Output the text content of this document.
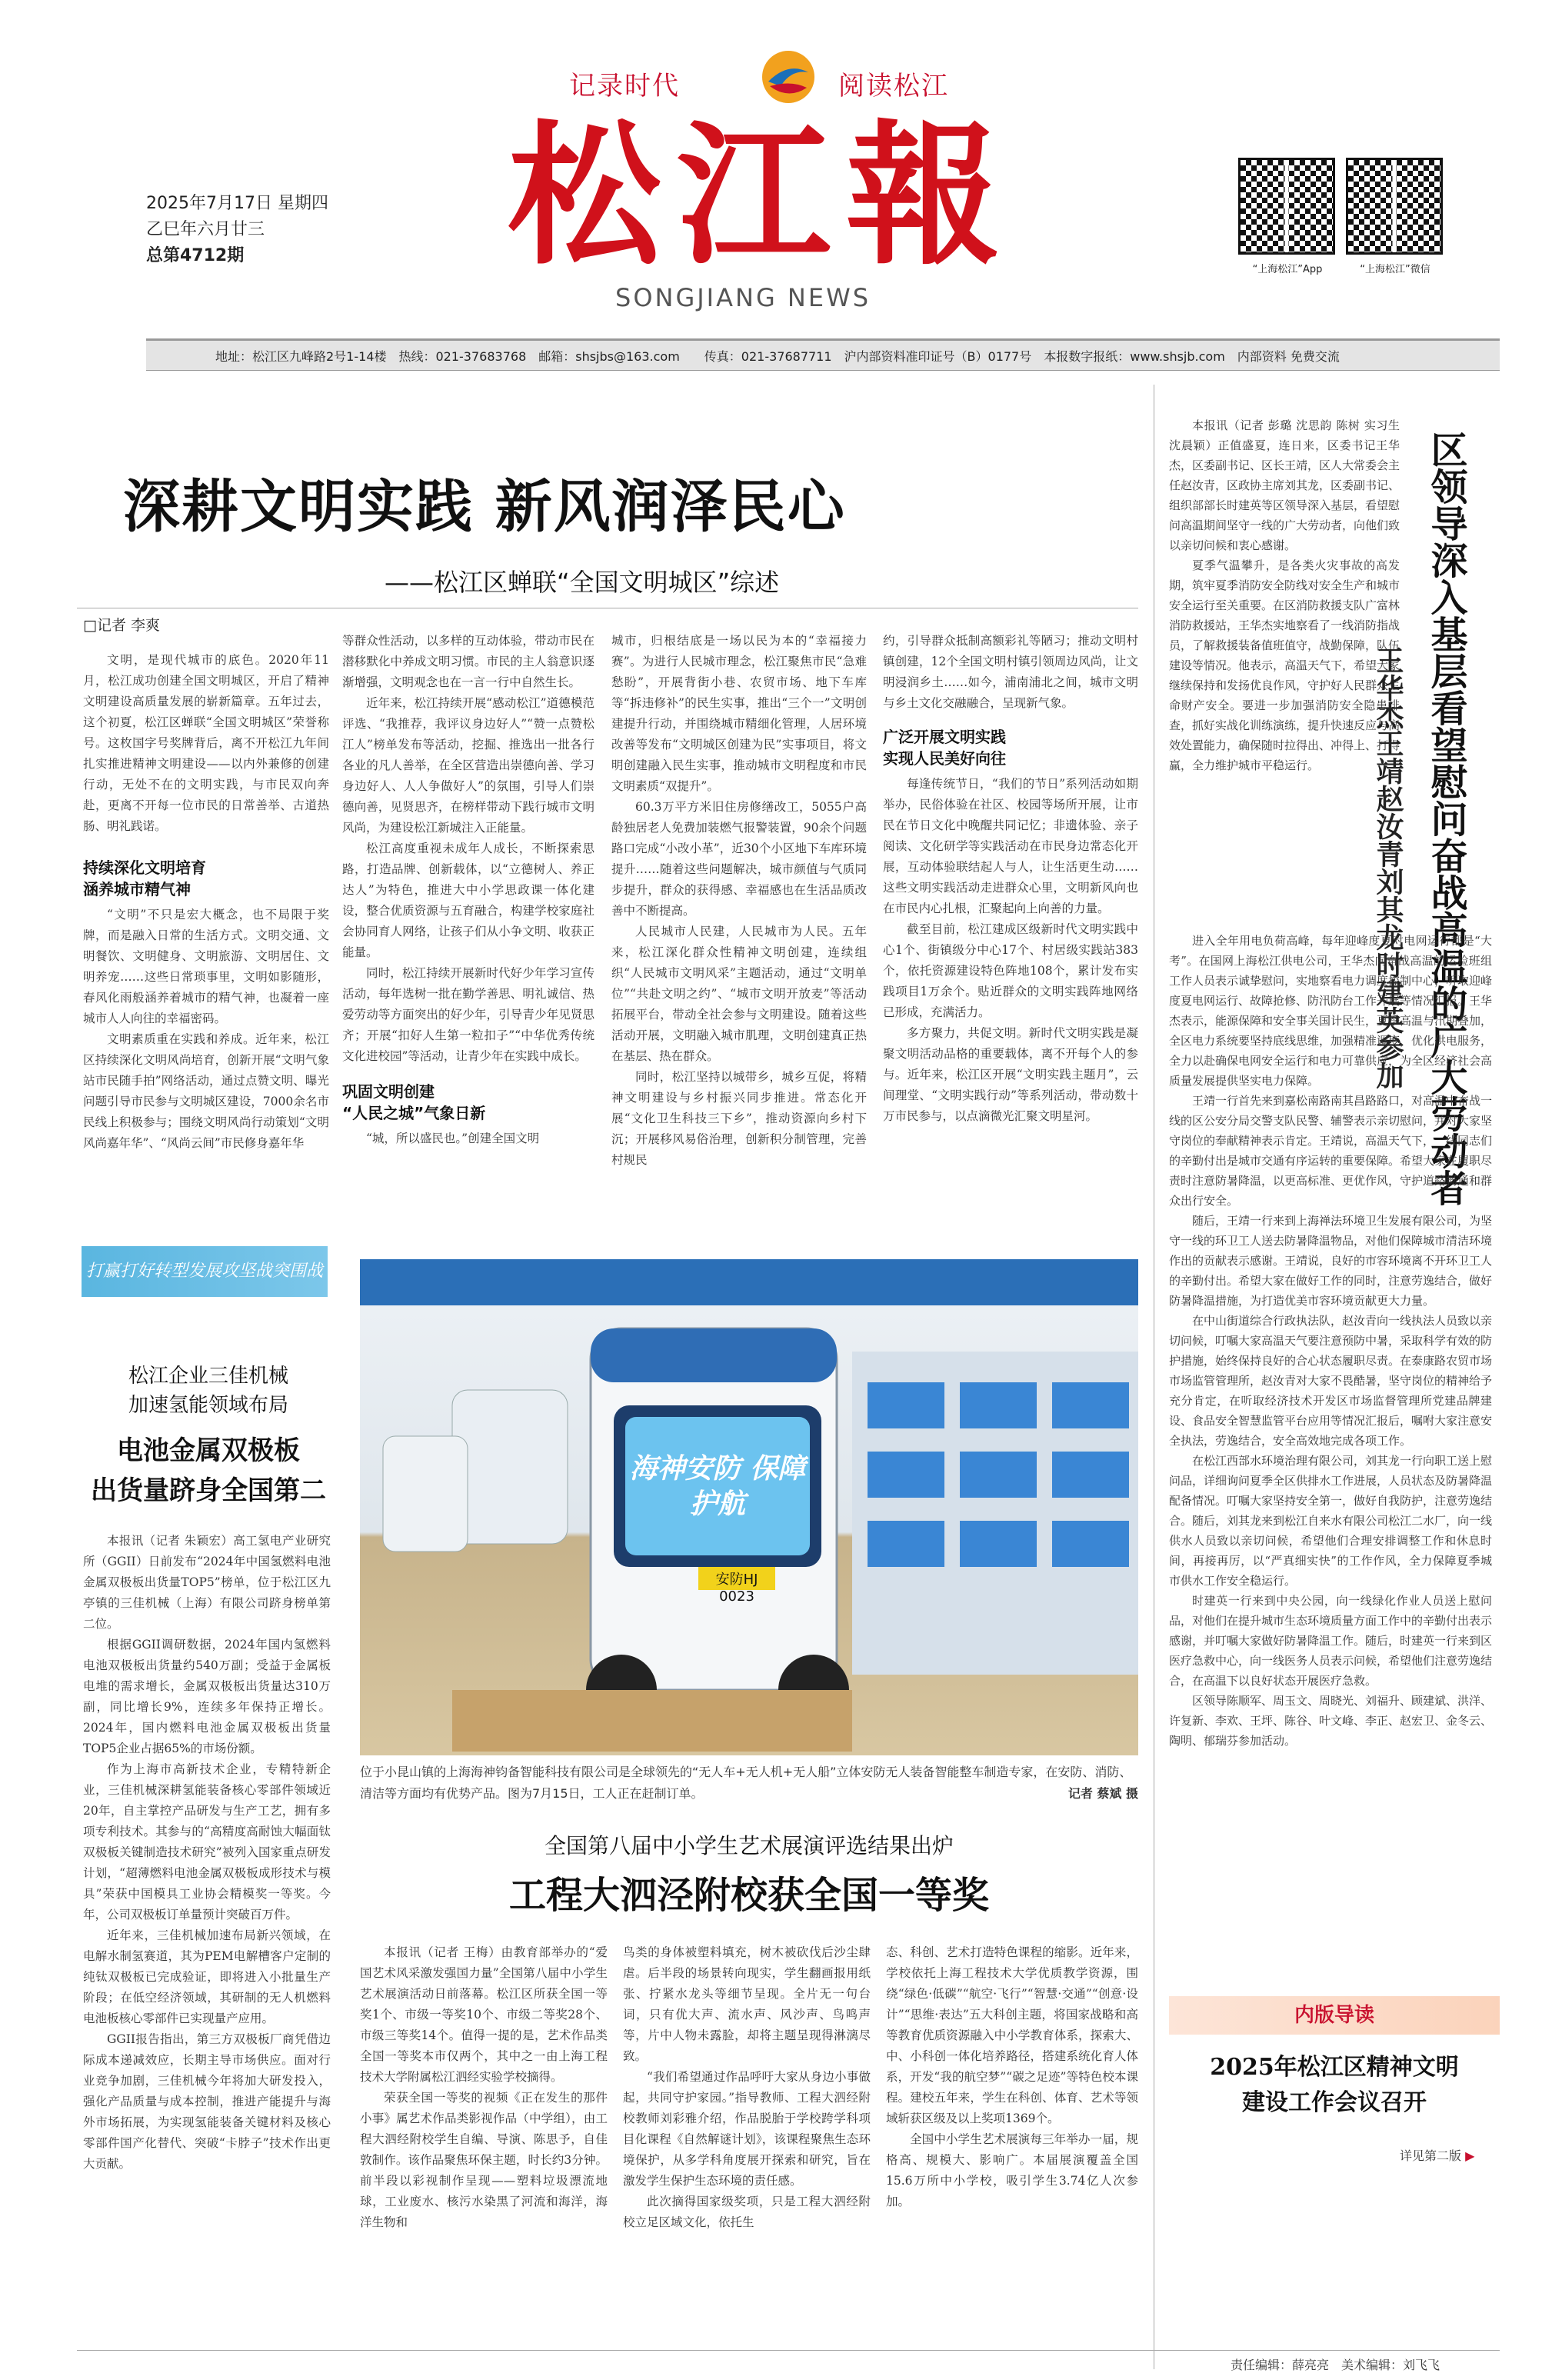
记录时代	阅读松江
松江報
SONGJIANG NEWS
2025年7月17日 星期四
乙巳年六月廿三
总第4712期
“上海松江”App	“上海松江”微信
地址：松江区九峰路2号1-14楼　热线：021-37683768　邮箱：shsjbs@163.com　　传真：021-37687711　沪内部资料准印证号（B）0177号　本报数字报纸：www.shsjb.com　内部资料 免费交流
深耕文明实践 新风润泽民心
——松江区蝉联“全国文明城区”综述
□记者 李爽

文明，是现代城市的底色。2020年11月，松江成功创建全国文明城区，开启了精神文明建设高质量发展的崭新篇章。五年过去，这个初夏，松江区蝉联“全国文明城区”荣誉称号。这枚国字号奖牌背后，离不开松江九年间扎实推进精神文明建设——以内外兼修的创建行动，无处不在的文明实践，与市民双向奔赴，更离不开每一位市民的日常善举、古道热肠、明礼践诺。

持续深化文明培育
涵养城市精气神

“文明”不只是宏大概念，也不局限于奖牌，而是融入日常的生活方式。文明交通、文明餐饮、文明健身、文明旅游、文明居住、文明养宠……这些日常琐事里，文明如影随形，春风化雨般涵养着城市的精气神，也凝着一座城市人人向往的幸福密码。

文明素质重在实践和养成。近年来，松江区持续深化文明风尚培育，创新开展“文明气象站市民随手拍”网络活动，通过点赞文明、曝光问题引导市民参与文明城区建设，7000余名市民线上积极参与；围绕文明风尚行动策划“文明风尚嘉年华”、“风尚云间”市民修身嘉年华

等群众性活动，以多样的互动体验，带动市民在潜移默化中养成文明习惯。市民的主人翁意识逐渐增强，文明观念也在一言一行中自然生长。

近年来，松江持续开展“感动松江”道德模范评选、“我推荐，我评议身边好人”“赞一点赞松江人”榜单发布等活动，挖掘、推选出一批各行各业的凡人善举，在全区营造出崇德向善、学习身边好人、人人争做好人”的氛围，引导人们崇德向善，见贤思齐，在榜样带动下践行城市文明风尚，为建设松江新城注入正能量。

松江高度重视未成年人成长，不断探索思路，打造品牌、创新载体，以“立德树人、养正达人”为特色，推进大中小学思政课一体化建设，整合优质资源与五育融合，构建学校家庭社会协同育人网络，让孩子们从小争文明、收获正能量。

同时，松江持续开展新时代好少年学习宣传活动，每年选树一批在勤学善思、明礼诚信、热爱劳动等方面突出的好少年，引导青少年见贤思齐；开展“扣好人生第一粒扣子”“中华优秀传统文化进校园”等活动，让青少年在实践中成长。

巩固文明创建
“人民之城”气象日新

“城，所以盛民也。”创建全国文明

城市，归根结底是一场以民为本的“幸福接力赛”。为进行人民城市理念，松江聚焦市民“急难愁盼”，开展背街小巷、农贸市场、地下车库等“拆违修补”的民生实事，推出“三个一”文明创建提升行动，并围绕城市精细化管理，人居环境改善等发布“文明城区创建为民”实事项目，将文明创建融入民生实事，推动城市文明程度和市民文明素质“双提升”。

60.3万平方米旧住房修缮改工，5055户高龄独居老人免费加装燃气报警装置，90余个问题路口完成“小改小革”，近30个小区地下车库环境提升……随着这些问题解决，城市颜值与气质同步提升，群众的获得感、幸福感也在生活品质改善中不断提高。

人民城市人民建，人民城市为人民。五年来，松江深化群众性精神文明创建，连续组织“人民城市文明风采”主题活动，通过“文明单位”“共赴文明之约”、“城市文明开放麦”等活动拓展平台，带动全社会参与文明建设。随着这些活动开展，文明融入城市肌理，文明创建真正热在基层、热在群众。

同时，松江坚持以城带乡，城乡互促，将精神文明建设与乡村振兴同步推进。常态化开展“文化卫生科技三下乡”，推动资源向乡村下沉；开展移风易俗治理，创新积分制管理，完善村规民

约，引导群众抵制高额彩礼等陋习；推动文明村镇创建，12个全国文明村镇引领周边风尚，让文明浸润乡土……如今，浦南浦北之间，城市文明与乡土文化交融融合，呈现新气象。

广泛开展文明实践
实现人民美好向往

每逢传统节日，“我们的节日”系列活动如期举办，民俗体验在社区、校园等场所开展，让市民在节日文化中晚醒共同记忆；非遗体验、亲子阅读、文化研学等实践活动在市民身边常态化开展，互动体验联结起人与人，让生活更生动……这些文明实践活动走进群众心里，文明新风向也在市民内心扎根，汇聚起向上向善的力量。

截至目前，松江建成区级新时代文明实践中心1个、街镇级分中心17个、村居级实践站383个，依托资源建设特色阵地108个，累计发布实践项目1万余个。贴近群众的文明实践阵地网络已形成，充满活力。

多方聚力，共促文明。新时代文明实践是凝聚文明活动品格的重要载体，离不开每个人的参与。近年来，松江区开展“文明实践主题月”，云间理堂、“文明实践行动”等系列活动，带动数十万市民参与，以点滴微光汇聚文明星河。

海神安防 保障护航
安防HJ 0023
位于小昆山镇的上海海神钧备智能科技有限公司是全球领先的“无人车+无人机+无人船”立体安防无人装备智能整车制造专家，在安防、消防、清洁等方面均有优势产品。图为7月15日，工人正在赶制订单。	记者 蔡斌 摄
打赢打好转型发展攻坚战突围战
松江企业三佳机械
加速氢能领域布局
电池金属双极板
出货量跻身全国第二

本报讯（记者 朱颖宏）高工氢电产业研究所（GGII）日前发布“2024年中国氢燃料电池金属双极板出货量TOP5”榜单，位于松江区九亭镇的三佳机械（上海）有限公司跻身榜单第二位。

根据GGII调研数据，2024年国内氢燃料电池双极板出货量约540万副；受益于金属板电堆的需求增长，金属双极板出货量达310万副，同比增长9%，连续多年保持正增长。2024年，国内燃料电池金属双极板出货量TOP5企业占据65%的市场份额。

作为上海市高新技术企业，专精特新企业，三佳机械深耕氢能装备核心零部件领域近20年，自主掌控产品研发与生产工艺，拥有多项专利技术。其参与的“高精度高耐蚀大幅面钛双极板关键制造技术研究”被列入国家重点研发计划，“超薄燃料电池金属双极板成形技术与模具”荣获中国模具工业协会精模奖一等奖。今年，公司双极板订单量预计突破百万件。

近年来，三佳机械加速布局新兴领域，在电解水制氢赛道，其为PEM电解槽客户定制的纯钛双极板已完成验证，即将进入小批量生产阶段；在低空经济领域，其研制的无人机燃料电池板核心零部件已实现量产应用。

GGII报告指出，第三方双极板厂商凭借边际成本递减效应，长期主导市场供应。面对行业竞争加剧，三佳机械今年将加大研发投入，强化产品质量与成本控制，推进产能提升与海外市场拓展，为实现氢能装备关键材料及核心零部件国产化替代、突破“卡脖子”技术作出更大贡献。

全国第八届中小学生艺术展演评选结果出炉
工程大泗泾附校获全国一等奖

本报讯（记者 王梅）由教育部举办的“爱国艺术风采激发强国力量”全国第八届中小学生艺术展演活动日前落幕。松江区所获全国一等奖1个、市级一等奖10个、市级二等奖28个、市级三等奖14个。值得一提的是，艺术作品类全国一等奖本市仅两个，其中之一由上海工程技术大学附属松江泗经实验学校摘得。

荣获全国一等奖的视频《正在发生的那件小事》属艺术作品类影视作品（中学组），由工程大泗经附校学生自编、导演、陈思予，自佳敦制作。该作品聚焦环保主题，时长约3分钟。前半段以彩视制作呈现——塑料垃圾漂流地球，工业废水、核污水染黑了河流和海洋，海洋生物和

鸟类的身体被塑料填充，树木被砍伐后沙尘肆虐。后半段的场景转向现实，学生翻画报用纸张、拧紧水龙头等细节呈现。全片无一句台词，只有优大声、流水声、风沙声、鸟鸣声等，片中人物未露脸，却将主题呈现得淋漓尽致。

“我们希望通过作品呼吁大家从身边小事做起，共同守护家园。”指导教师、工程大泗经附校教师刘彩雅介绍，作品脱胎于学校跨学科项目化课程《自然解谜计划》，该课程聚焦生态环境保护，从多学科角度展开探索和研究，旨在激发学生保护生态环境的责任感。

此次摘得国家级奖项，只是工程大泗经附校立足区域文化，依托生

态、科创、艺术打造特色课程的缩影。近年来，学校依托上海工程技术大学优质教学资源，围绕“绿色·低碳”“航空·飞行”“智慧·交通”“创意·设计”“思维·表达”五大科创主题，将国家战略和高等教育优质资源融入中小学教育体系，探索大、中、小科创一体化培养路径，搭建系统化育人体系，开发“我的航空梦”“碳之足迹”等特色校本课程。建校五年来，学生在科创、体育、艺术等领域斩获区级及以上奖项1369个。

全国中小学生艺术展演每三年举办一届，规格高、规模大、影响广。本届展演覆盖全国15.6万所中小学校，吸引学生3.74亿人次参加。

本报讯（记者 彭璐 沈思韵 陈树 实习生 沈晨颖）正值盛夏，连日来，区委书记王华杰，区委副书记、区长王靖，区人大常委会主任赵汝青，区政协主席刘其龙，区委副书记、组织部部长时建英等区领导深入基层，看望慰问高温期间坚守一线的广大劳动者，向他们致以亲切问候和衷心感谢。

夏季气温攀升，是各类火灾事故的高发期，筑牢夏季消防安全防线对安全生产和城市安全运行至关重要。在区消防救援支队广富林消防救援站，王华杰实地察看了一线消防指战员，了解救援装备值班值守，战勤保障，队伍建设等情况。他表示，高温天气下，希望大家继续保持和发扬优良作风，守护好人民群众生命财产安全。要进一步加强消防安全隐患排查，抓好实战化训练演练，提升快速反应与高效处置能力，确保随时拉得出、冲得上、打得赢，全力维护城市平稳运行。	区领导深入基层看望慰问奋战高温的广大劳动者
王华杰王靖赵汝青刘其龙时建英参加

进入全年用电负荷高峰，每年迎峰度夏对电网运行都是“大考”。在国网上海松江供电公司，王华杰向奋战高温的运检班组工作人员表示诚挚慰问，实地察看电力调度控制中心，听取迎峰度夏电网运行、故障抢修、防汛防台工作开展等情况汇报。王华杰表示，能源保障和安全事关国计民生，夏季高温与汛期叠加，全区电力系统要坚持底线思维，加强精准调度，优化供电服务，全力以赴确保电网安全运行和电力可靠供应，为全区经济社会高质量发展提供坚实电力保障。

王靖一行首先来到嘉松南路南其昌路路口，对高温中奋战一线的区公安分局交警支队民警、辅警表示亲切慰问，并对大家坚守岗位的奉献精神表示肯定。王靖说，高温天气下，一线同志们的辛勤付出是城市交通有序运转的重要保障。希望大家在履职尽责时注意防暑降温，以更高标准、更优作风，守护道路畅通和群众出行安全。

随后，王靖一行来到上海禅法环境卫生发展有限公司，为坚守一线的环卫工人送去防暑降温物品，对他们保障城市清洁环境作出的贡献表示感谢。王靖说，良好的市容环境离不开环卫工人的辛勤付出。希望大家在做好工作的同时，注意劳逸结合，做好防暑降温措施，为打造优美市容环境贡献更大力量。

在中山街道综合行政执法队，赵汝青向一线执法人员致以亲切问候，叮嘱大家高温天气要注意预防中暑，采取科学有效的防护措施，始终保持良好的合心状态履职尽责。在泰康路农贸市场市场监管管理所，赵汝青对大家不畏酷暑，坚守岗位的精神给予充分肯定，在听取经济技术开发区市场监督管理所党建品牌建设、食品安全智慧监管平台应用等情况汇报后，嘱咐大家注意安全执法，劳逸结合，安全高效地完成各项工作。

在松江西部水环境治理有限公司，刘其龙一行向职工送上慰问品，详细询问夏季全区供排水工作进展，人员状态及防暑降温配备情况。叮嘱大家坚持安全第一，做好自我防护，注意劳逸结合。随后，刘其龙来到松江自来水有限公司松江二水厂，向一线供水人员致以亲切问候，希望他们合理安排调整工作和休息时间，再接再厉，以“严真细实快”的工作作风，全力保障夏季城市供水工作安全稳运行。

时建英一行来到中央公园，向一线绿化作业人员送上慰问品，对他们在提升城市生态环境质量方面工作中的辛勤付出表示感谢，并叮嘱大家做好防暑降温工作。随后，时建英一行来到区医疗急救中心，向一线医务人员表示问候，希望他们注意劳逸结合，在高温下以良好状态开展医疗急救。

区领导陈顺军、周玉文、周晓光、刘福升、顾建斌、洪洋、许复新、李欢、王坪、陈谷、叶文峰、李正、赵宏卫、金冬云、陶明、郁瑞芬参加活动。

内版导读
2025年松江区精神文明
建设工作会议召开
详见第二版 ▶
责任编辑：薛亮亮　美术编辑：刘飞飞
